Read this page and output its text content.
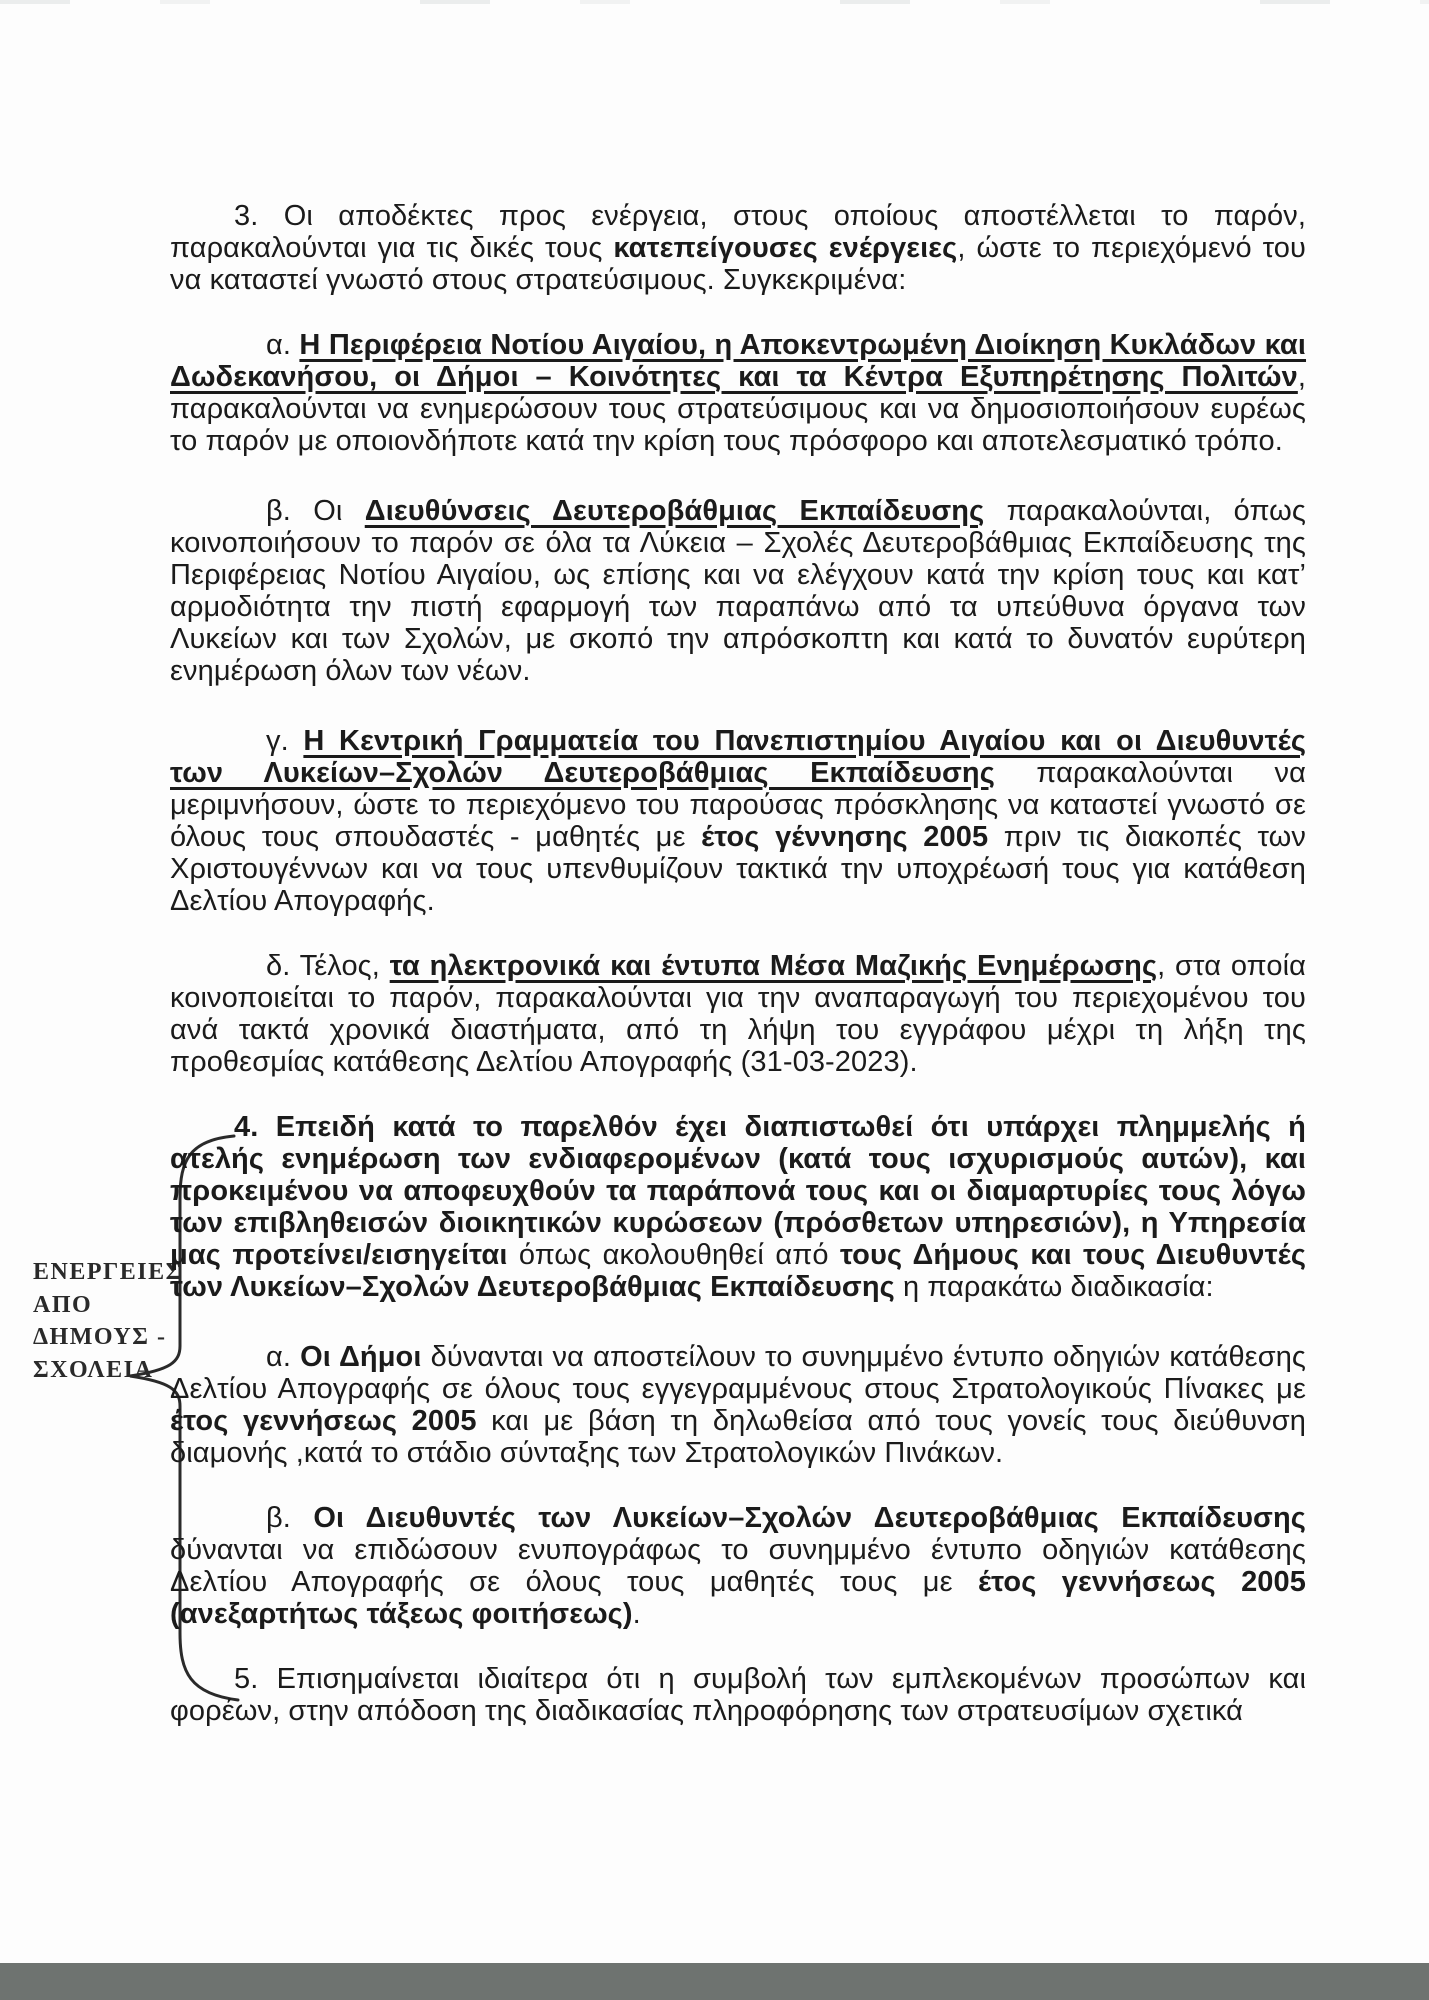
ΕΝΕΡΓΕΙΕΣ
ΑΠΟ
ΔΗΜΟΥΣ -
ΣΧΟΛΕΙΑ

3. Οι αποδέκτες προς ενέργεια, στους οποίους αποστέλλεται το παρόν, παρακαλούνται για τις δικές τους κατεπείγουσες ενέργειες, ώστε το περιεχόμενό του να καταστεί γνωστό στους στρατεύσιμους. Συγκεκριμένα:

α. Η Περιφέρεια Νοτίου Αιγαίου, η Αποκεντρωμένη Διοίκηση Κυκλάδων και Δωδεκανήσου, οι Δήμοι – Κοινότητες και τα Κέντρα Εξυπηρέτησης Πολιτών, παρακαλούνται να ενημερώσουν τους στρατεύσιμους και να δημοσιοποιήσουν ευρέως το παρόν με οποιονδήποτε κατά την κρίση τους πρόσφορο και αποτελεσματικό τρόπο.

β. Οι Διευθύνσεις Δευτεροβάθμιας Εκπαίδευσης παρακαλούνται, όπως κοινοποιήσουν το παρόν σε όλα τα Λύκεια – Σχολές Δευτεροβάθμιας Εκπαίδευσης της Περιφέρειας Νοτίου Αιγαίου, ως επίσης και να ελέγχουν κατά την κρίση τους και κατ’ αρμοδιότητα την πιστή εφαρμογή των παραπάνω από τα υπεύθυνα όργανα των Λυκείων και των Σχολών, με σκοπό την απρόσκοπτη και κατά το δυνατόν ευρύτερη ενημέρωση όλων των νέων.

γ. Η Κεντρική Γραμματεία του Πανεπιστημίου Αιγαίου και οι Διευθυντές των Λυκείων–Σχολών Δευτεροβάθμιας Εκπαίδευσης παρακαλούνται να μεριμνήσουν, ώστε το περιεχόμενο του παρούσας πρόσκλησης να καταστεί γνωστό σε όλους τους σπουδαστές - μαθητές με έτος γέννησης 2005 πριν τις διακοπές των Χριστουγέννων και να τους υπενθυμίζουν τακτικά την υποχρέωσή τους για κατάθεση Δελτίου Απογραφής.

δ. Τέλος, τα ηλεκτρονικά και έντυπα Μέσα Μαζικής Ενημέρωσης, στα οποία κοινοποιείται το παρόν, παρακαλούνται για την αναπαραγωγή του περιεχομένου του ανά τακτά χρονικά διαστήματα, από τη λήψη του εγγράφου μέχρι τη λήξη της προθεσμίας κατάθεσης Δελτίου Απογραφής (31-03-2023).

4. Επειδή κατά το παρελθόν έχει διαπιστωθεί ότι υπάρχει πλημμελής ή ατελής ενημέρωση των ενδιαφερομένων (κατά τους ισχυρισμούς αυτών), και προκειμένου να αποφευχθούν τα παράπονά τους και οι διαμαρτυρίες τους λόγω των επιβληθεισών διοικητικών κυρώσεων (πρόσθετων υπηρεσιών), η Υπηρεσία μας προτείνει/εισηγείται όπως ακολουθηθεί από τους Δήμους και τους Διευθυντές των Λυκείων–Σχολών Δευτεροβάθμιας Εκπαίδευσης η παρακάτω διαδικασία:

α. Οι Δήμοι δύνανται να αποστείλουν το συνημμένο έντυπο οδηγιών κατάθεσης Δελτίου Απογραφής σε όλους τους εγγεγραμμένους στους Στρατολογικούς Πίνακες με έτος γεννήσεως 2005 και με βάση τη δηλωθείσα από τους γονείς τους διεύθυνση διαμονής ,κατά το στάδιο σύνταξης των Στρατολογικών Πινάκων.

β. Οι Διευθυντές των Λυκείων–Σχολών Δευτεροβάθμιας Εκπαίδευσης δύνανται να επιδώσουν ενυπογράφως το συνημμένο έντυπο οδηγιών κατάθεσης Δελτίου Απογραφής σε όλους τους μαθητές τους με έτος γεννήσεως 2005 (ανεξαρτήτως τάξεως φοιτήσεως).

5. Επισημαίνεται ιδιαίτερα ότι η συμβολή των εμπλεκομένων προσώπων και φορέων, στην απόδοση της διαδικασίας πληροφόρησης των στρατευσίμων σχετικά
